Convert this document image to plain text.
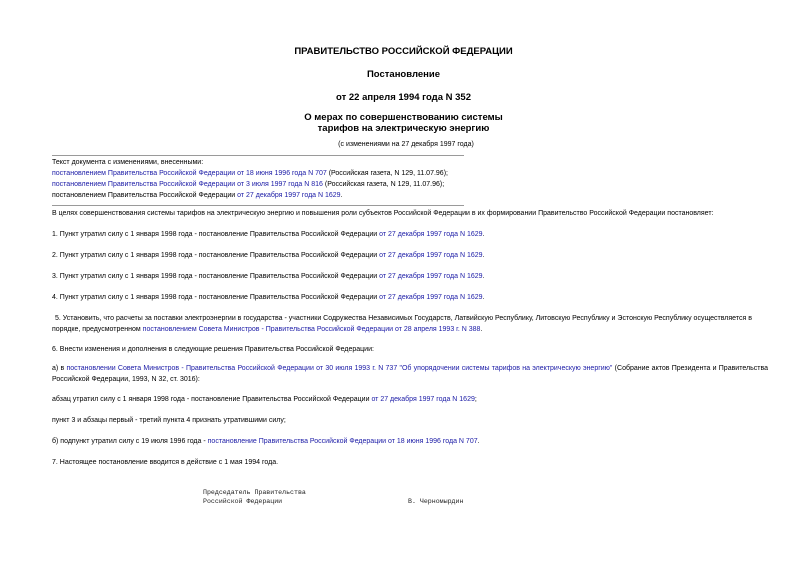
ПРАВИТЕЛЬСТВО РОССИЙСКОЙ ФЕДЕРАЦИИ
Постановление
от 22 апреля 1994 года N 352
О мерах по совершенствованию системы
тарифов на электрическую энергию
(с изменениями на 27 декабря 1997 года)
Текст документа с изменениями, внесенными:
постановлением Правительства Российской Федерации от 18 июня 1996 года N 707 (Российская газета, N 129, 11.07.96);
постановлением Правительства Российской Федерации от 3 июля 1997 года N 816 (Российская газета, N 129, 11.07.96);
постановлением Правительства Российской Федерации от 27 декабря 1997 года N 1629.
В целях совершенствования системы тарифов на электрическую энергию и повышения роли субъектов Российской Федерации в их формировании Правительство Российской Федерации постановляет:
1. Пункт утратил силу с 1 января 1998 года - постановление Правительства Российской Федерации от 27 декабря 1997 года N 1629.
2. Пункт утратил силу с 1 января 1998 года - постановление Правительства Российской Федерации от 27 декабря 1997 года N 1629.
3. Пункт утратил силу с 1 января 1998 года - постановление Правительства Российской Федерации от 27 декабря 1997 года N 1629.
4. Пункт утратил силу с 1 января 1998 года - постановление Правительства Российской Федерации от 27 декабря 1997 года N 1629.
5. Установить, что расчеты за поставки электроэнергии в государства - участники Содружества Независимых Государств, Латвийскую Республику, Литовскую Республику и Эстонскую Республику осуществляется в порядке, предусмотренном постановлением Совета Министров - Правительства Российской Федерации от 28 апреля 1993 г. N 388.
6. Внести изменения и дополнения в следующие решения Правительства Российской Федерации:
а) в постановлении Совета Министров - Правительства Российской Федерации от 30 июля 1993 г. N 737 "Об упорядочении системы тарифов на электрическую энергию" (Собрание актов Президента и Правительства Российской Федерации, 1993, N 32, ст. 3016):
абзац утратил силу с 1 января 1998 года - постановление Правительства Российской Федерации от 27 декабря 1997 года N 1629;
пункт 3 и абзацы первый - третий пункта 4 признать утратившими силу;
б) подпункт утратил силу с 19 июля 1996 года - постановление Правительства Российской Федерации от 18 июня 1996 года N 707.
7. Настоящее постановление вводится в действие с 1 мая 1994 года.
Председатель Правительства
Российской Федерации	В. Черномырдин
